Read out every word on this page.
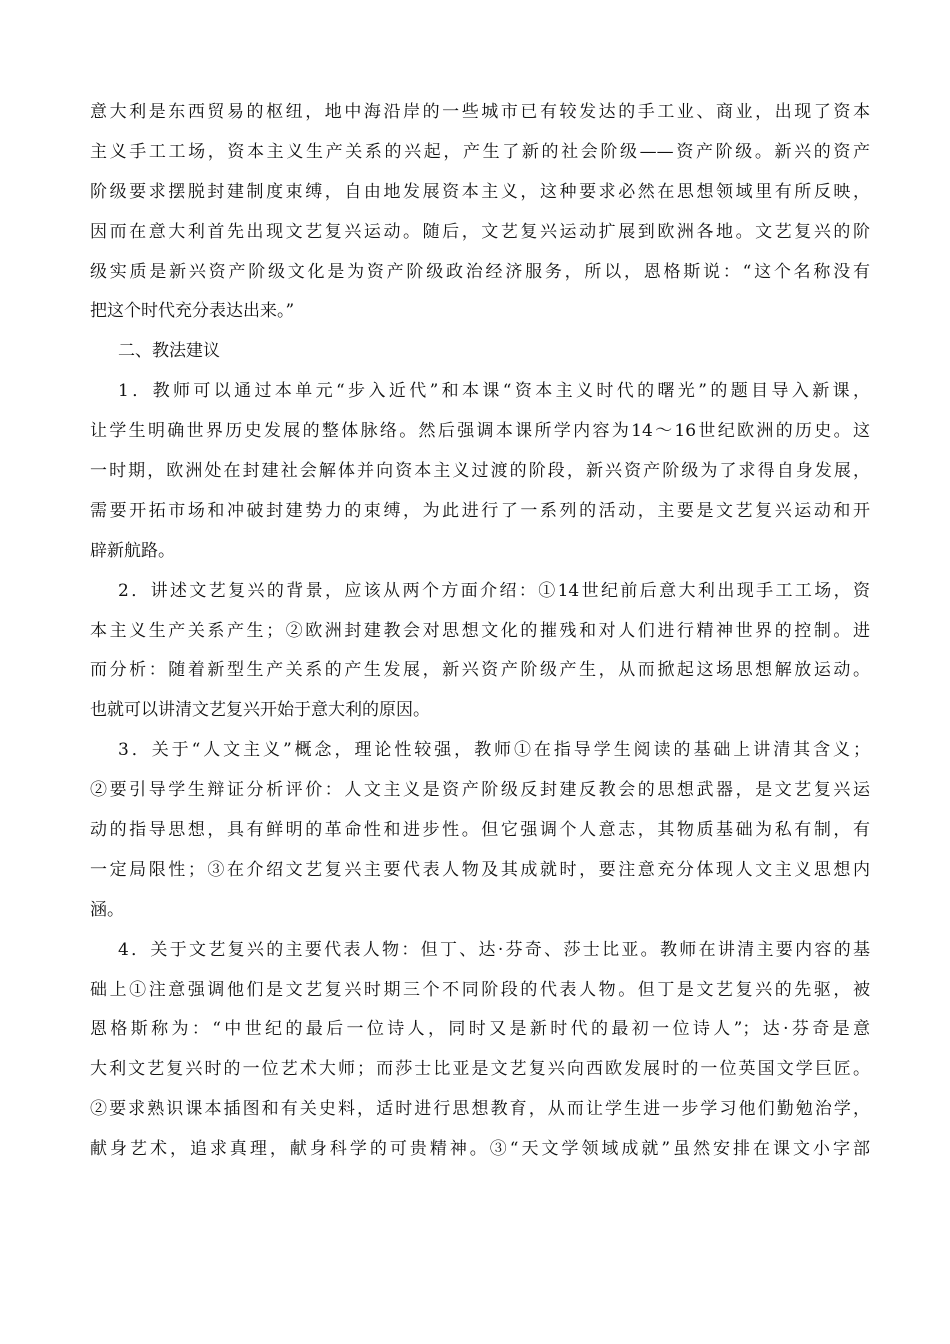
意大利是东西贸易的枢纽，地中海沿岸的一些城市已有较发达的手工业、商业，出现了资本
主义手工工场，资本主义生产关系的兴起，产生了新的社会阶级——资产阶级。新兴的资产
阶级要求摆脱封建制度束缚，自由地发展资本主义，这种要求必然在思想领域里有所反映，
因而在意大利首先出现文艺复兴运动。随后，文艺复兴运动扩展到欧洲各地。文艺复兴的阶
级实质是新兴资产阶级文化是为资产阶级政治经济服务，所以，恩格斯说：“这个名称没有
把这个时代充分表达出来。”
二、教法建议
1．教师可以通过本单元“步入近代”和本课“资本主义时代的曙光”的题目导入新课，
让学生明确世界历史发展的整体脉络。然后强调本课所学内容为14～16世纪欧洲的历史。这
一时期，欧洲处在封建社会解体并向资本主义过渡的阶段，新兴资产阶级为了求得自身发展，
需要开拓市场和冲破封建势力的束缚，为此进行了一系列的活动，主要是文艺复兴运动和开
辟新航路。
2．讲述文艺复兴的背景，应该从两个方面介绍：①14世纪前后意大利出现手工工场，资
本主义生产关系产生；②欧洲封建教会对思想文化的摧残和对人们进行精神世界的控制。进
而分析：随着新型生产关系的产生发展，新兴资产阶级产生，从而掀起这场思想解放运动。
也就可以讲清文艺复兴开始于意大利的原因。
3．关于“人文主义”概念，理论性较强，教师①在指导学生阅读的基础上讲清其含义；
②要引导学生辩证分析评价：人文主义是资产阶级反封建反教会的思想武器，是文艺复兴运
动的指导思想，具有鲜明的革命性和进步性。但它强调个人意志，其物质基础为私有制，有
一定局限性；③在介绍文艺复兴主要代表人物及其成就时，要注意充分体现人文主义思想内
涵。
4．关于文艺复兴的主要代表人物：但丁、达·芬奇、莎士比亚。教师在讲清主要内容的基
础上①注意强调他们是文艺复兴时期三个不同阶段的代表人物。但丁是文艺复兴的先驱，被
恩格斯称为：“中世纪的最后一位诗人，同时又是新时代的最初一位诗人”；达·芬奇是意
大利文艺复兴时的一位艺术大师；而莎士比亚是文艺复兴向西欧发展时的一位英国文学巨匠。
②要求熟识课本插图和有关史料，适时进行思想教育，从而让学生进一步学习他们勤勉治学，
献身艺术，追求真理，献身科学的可贵精神。③“天文学领域成就”虽然安排在课文小字部
